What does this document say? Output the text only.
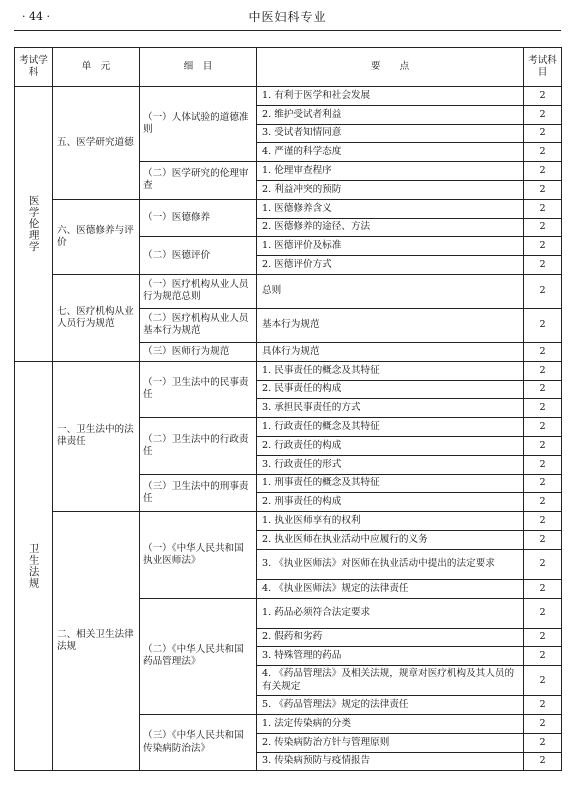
· 44 ·	中医妇科专业
考试学科	单　元	细　目	要　　点	考试科目

医学伦理学	五、医学研究道德	（一）人体试验的道德准则	1. 有利于医学和社会发展	2
			2. 维护受试者利益	2
			3. 受试者知情同意	2
			4. 严谨的科学态度	2
		（二）医学研究的伦理审查	1. 伦理审查程序	2
			2. 利益冲突的预防	2
	六、医德修养与评价	（一）医德修养	1. 医德修养含义	2
			2. 医德修养的途径、方法	2
		（二）医德评价	1. 医德评价及标准	2
			2. 医德评价方式	2
	七、医疗机构从业人员行为规范	（一）医疗机构从业人员行为规范总则	总则	2
		（二）医疗机构从业人员基本行为规范	基本行为规范	2
		（三）医师行为规范	具体行为规范	2

卫生法规	一、卫生法中的法律责任	（一）卫生法中的民事责任	1. 民事责任的概念及其特征	2
			2. 民事责任的构成	2
			3. 承担民事责任的方式	2
		（二）卫生法中的行政责任	1. 行政责任的概念及其特征	2
			2. 行政责任的构成	2
			3. 行政责任的形式	2
		（三）卫生法中的刑事责任	1. 刑事责任的概念及其特征	2
			2. 刑事责任的构成	2
	二、相关卫生法律法规	（一）《中华人民共和国执业医师法》	1. 执业医师享有的权利	2
			2. 执业医师在执业活动中应履行的义务	2
			3. 《执业医师法》对医师在执业活动中提出的法定要求	2
			4. 《执业医师法》规定的法律责任	2
		（二）《中华人民共和国药品管理法》	1. 药品必须符合法定要求	2
			2. 假药和劣药	2
			3. 特殊管理的药品	2
			4. 《药品管理法》及相关法规，规章对医疗机构及其人员的有关规定	2
			5. 《药品管理法》规定的法律责任	2
		（三）《中华人民共和国传染病防治法》	1. 法定传染病的分类	2
			2. 传染病防治方针与管理原则	2
			3. 传染病预防与疫情报告	2
